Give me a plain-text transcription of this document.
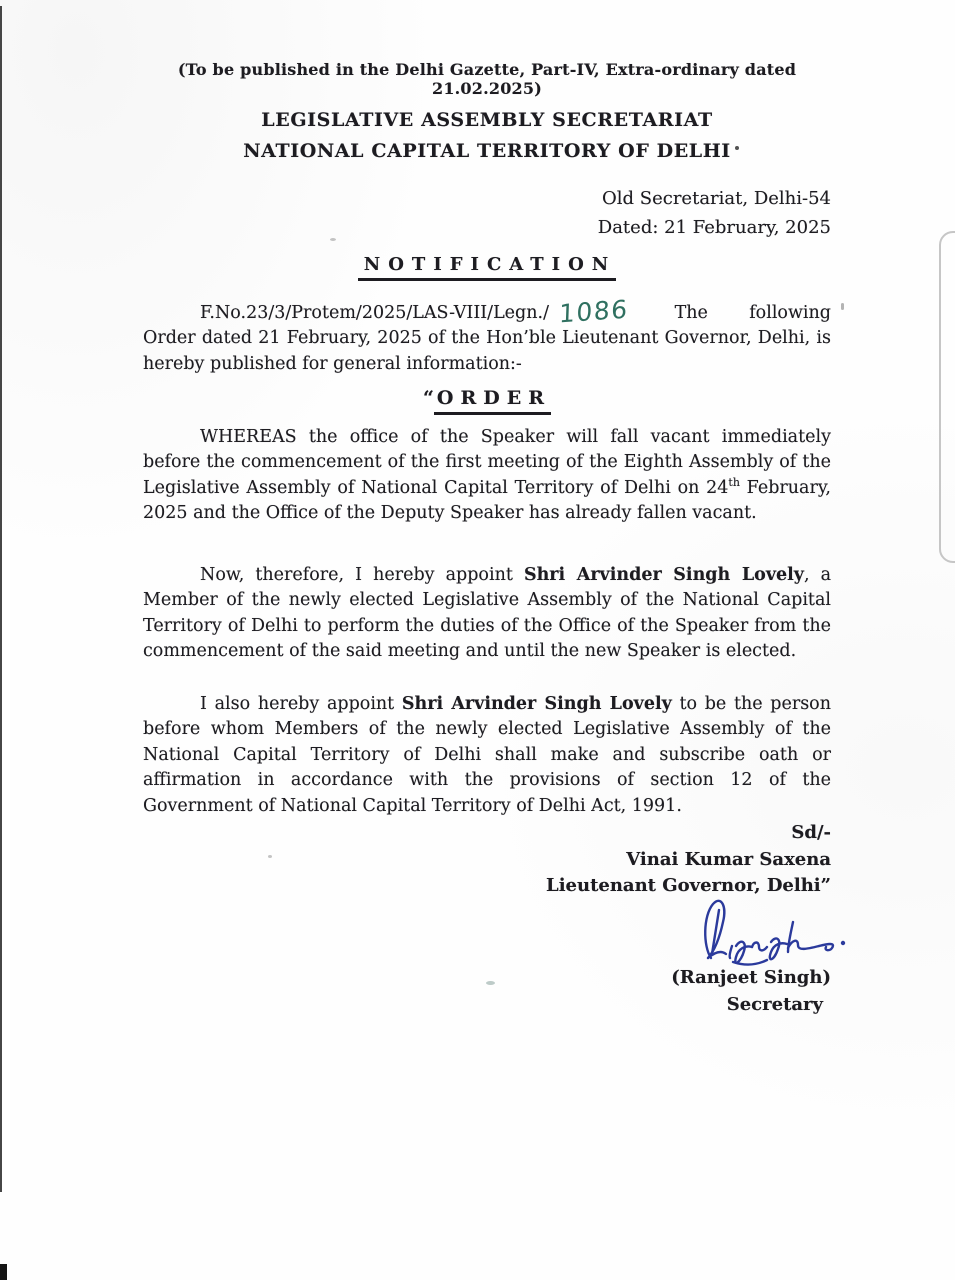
(To be published in the Delhi Gazette, Part-IV, Extra-ordinary dated 21.02.2025)
LEGISLATIVE ASSEMBLY SECRETARIAT
NATIONAL CAPITAL TERRITORY OF DELHI
Old Secretariat, Delhi-54
Dated: 21 February, 2025
NOTIFICATION
F.No.23/3/Protem/2025/LAS-VIII/Legn./ 1086	The following Order dated 21 February, 2025 of the Hon’ble Lieutenant Governor, Delhi, is hereby published for general information:-
“ ORDER
WHEREAS the office of the Speaker will fall vacant immediately before the commencement of the first meeting of the Eighth Assembly of the Legislative Assembly of National Capital Territory of Delhi on 24th February, 2025 and the Office of the Deputy Speaker has already fallen vacant.
Now, therefore, I hereby appoint Shri Arvinder Singh Lovely, a Member of the newly elected Legislative Assembly of the National Capital Territory of Delhi to perform the duties of the Office of the Speaker from the commencement of the said meeting and until the new Speaker is elected.
I also hereby appoint Shri Arvinder Singh Lovely to be the person before whom Members of the newly elected Legislative Assembly of the National Capital Territory of Delhi shall make and subscribe oath or affirmation in accordance with the provisions of section 12 of the Government of National Capital Territory of Delhi Act, 1991.
Sd/-
Vinai Kumar Saxena
Lieutenant Governor, Delhi”
(Ranjeet Singh)
Secretary
